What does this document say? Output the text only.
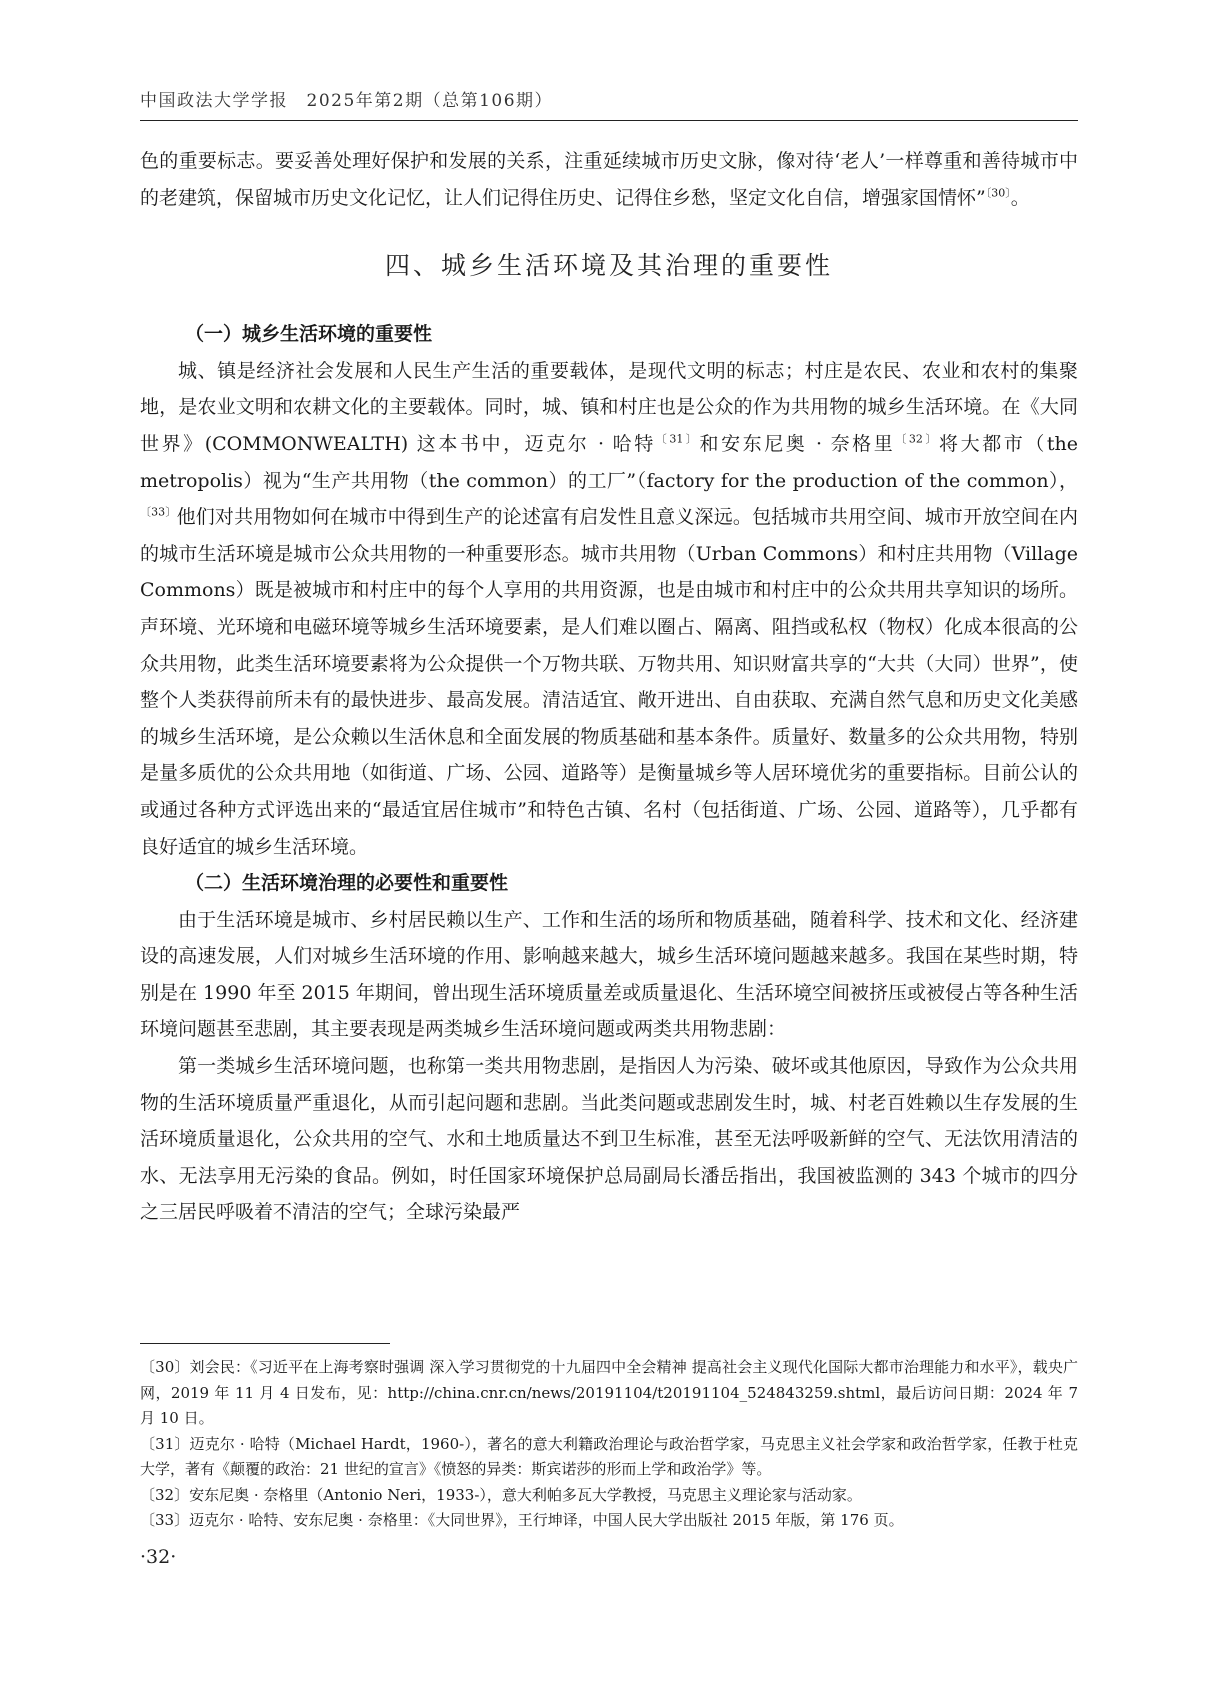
中国政法大学学报　2025年第2期（总第106期）

色的重要标志。要妥善处理好保护和发展的关系，注重延续城市历史文脉，像对待‘老人’一样尊重和善待城市中的老建筑，保留城市历史文化记忆，让人们记得住历史、记得住乡愁，坚定文化自信，增强家国情怀”$^{〔30〕}$。

四、城乡生活环境及其治理的重要性

（一）城乡生活环境的重要性

城、镇是经济社会发展和人民生产生活的重要载体，是现代文明的标志；村庄是农民、农业和农村的集聚地，是农业文明和农耕文化的主要载体。同时，城、镇和村庄也是公众的作为共用物的城乡生活环境。在《大同世界》(COMMONWEALTH) 这本书中，迈克尔 · 哈特$^{〔31〕}$和安东尼奥 · 奈格里$^{〔32〕}$将大都市（the metropolis）视为“生产共用物（the common）的工厂”（factory for the production of the common），$^{〔33〕}$他们对共用物如何在城市中得到生产的论述富有启发性且意义深远。包括城市共用空间、城市开放空间在内的城市生活环境是城市公众共用物的一种重要形态。城市共用物（Urban Commons）和村庄共用物（Village Commons）既是被城市和村庄中的每个人享用的共用资源，也是由城市和村庄中的公众共用共享知识的场所。声环境、光环境和电磁环境等城乡生活环境要素，是人们难以圈占、隔离、阻挡或私权（物权）化成本很高的公众共用物，此类生活环境要素将为公众提供一个万物共联、万物共用、知识财富共享的“大共（大同）世界”，使整个人类获得前所未有的最快进步、最高发展。清洁适宜、敞开进出、自由获取、充满自然气息和历史文化美感的城乡生活环境，是公众赖以生活休息和全面发展的物质基础和基本条件。质量好、数量多的公众共用物，特别是量多质优的公众共用地（如街道、广场、公园、道路等）是衡量城乡等人居环境优劣的重要指标。目前公认的或通过各种方式评选出来的“最适宜居住城市”和特色古镇、名村（包括街道、广场、公园、道路等），几乎都有良好适宜的城乡生活环境。

（二）生活环境治理的必要性和重要性

由于生活环境是城市、乡村居民赖以生产、工作和生活的场所和物质基础，随着科学、技术和文化、经济建设的高速发展，人们对城乡生活环境的作用、影响越来越大，城乡生活环境问题越来越多。我国在某些时期，特别是在 1990 年至 2015 年期间，曾出现生活环境质量差或质量退化、生活环境空间被挤压或被侵占等各种生活环境问题甚至悲剧，其主要表现是两类城乡生活环境问题或两类共用物悲剧：

第一类城乡生活环境问题，也称第一类共用物悲剧，是指因人为污染、破坏或其他原因，导致作为公众共用物的生活环境质量严重退化，从而引起问题和悲剧。当此类问题或悲剧发生时，城、村老百姓赖以生存发展的生活环境质量退化，公众共用的空气、水和土地质量达不到卫生标准，甚至无法呼吸新鲜的空气、无法饮用清洁的水、无法享用无污染的食品。例如，时任国家环境保护总局副局长潘岳指出，我国被监测的 343 个城市的四分之三居民呼吸着不清洁的空气；全球污染最严

〔30〕刘会民：《习近平在上海考察时强调 深入学习贯彻党的十九届四中全会精神 提高社会主义现代化国际大都市治理能力和水平》，载央广网，2019 年 11 月 4 日发布，见：http://china.cnr.cn/news/20191104/t20191104_524843259.shtml，最后访问日期：2024 年 7 月 10 日。

〔31〕迈克尔 · 哈特（Michael Hardt，1960-），著名的意大利籍政治理论与政治哲学家，马克思主义社会学家和政治哲学家，任教于杜克大学，著有《颠覆的政治：21 世纪的宣言》《愤怒的异类：斯宾诺莎的形而上学和政治学》等。

〔32〕安东尼奥 · 奈格里（Antonio Neri，1933-），意大利帕多瓦大学教授，马克思主义理论家与活动家。

〔33〕迈克尔 · 哈特、安东尼奥 · 奈格里：《大同世界》，王行坤译，中国人民大学出版社 2015 年版，第 176 页。

·32·
